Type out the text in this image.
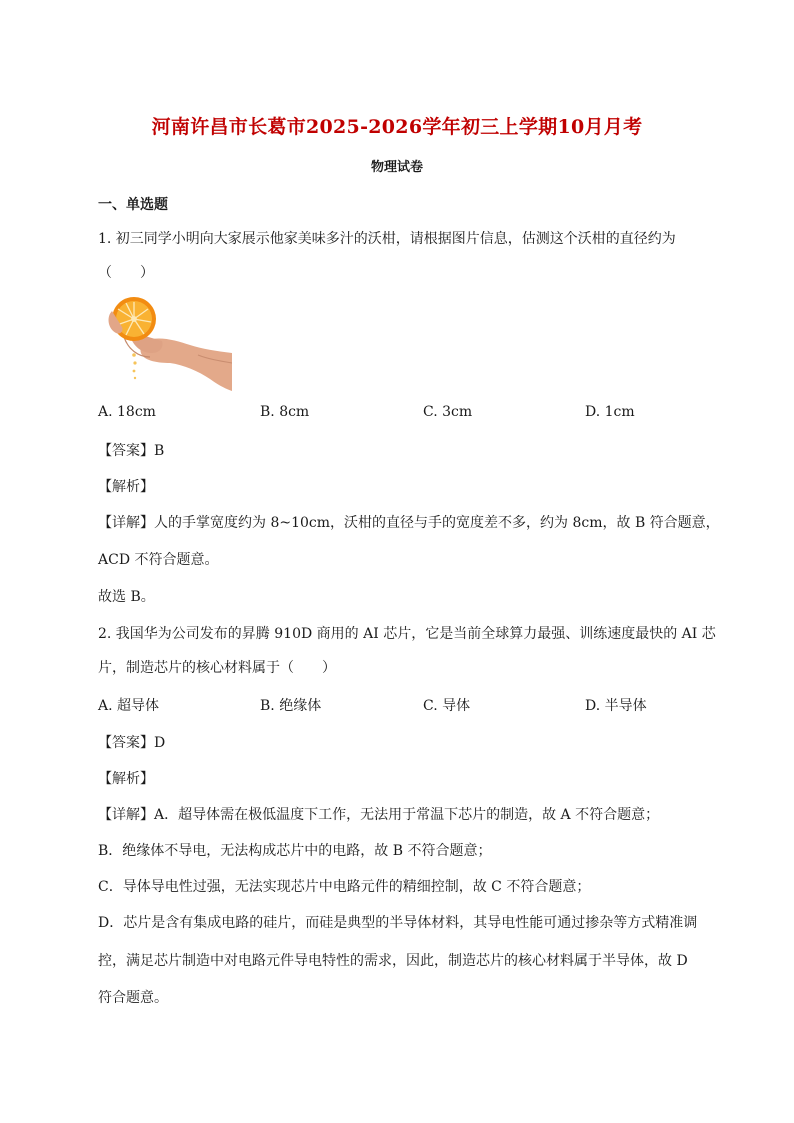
河南许昌市长葛市2025-2026学年初三上学期10月月考
物理试卷
一、单选题
1. 初三同学小明向大家展示他家美味多汁的沃柑，请根据图片信息，估测这个沃柑的直径约为
（　　）
A. 18cm	B. 8cm	C. 3cm	D. 1cm
【答案】B
【解析】
【详解】人的手掌宽度约为 8~10cm，沃柑的直径与手的宽度差不多，约为 8cm，故 B 符合题意，
ACD 不符合题意。
故选 B。
2. 我国华为公司发布的昇腾 910D 商用的 AI 芯片，它是当前全球算力最强、训练速度最快的 AI 芯
片，制造芯片的核心材料属于（　　）
A. 超导体	B. 绝缘体	C. 导体	D. 半导体
【答案】D
【解析】
【详解】A．超导体需在极低温度下工作，无法用于常温下芯片的制造，故 A 不符合题意；
B．绝缘体不导电，无法构成芯片中的电路，故 B 不符合题意；
C．导体导电性过强，无法实现芯片中电路元件的精细控制，故 C 不符合题意；
D．芯片是含有集成电路的硅片，而硅是典型的半导体材料，其导电性能可通过掺杂等方式精准调
控，满足芯片制造中对电路元件导电特性的需求，因此，制造芯片的核心材料属于半导体，故 D
符合题意。
